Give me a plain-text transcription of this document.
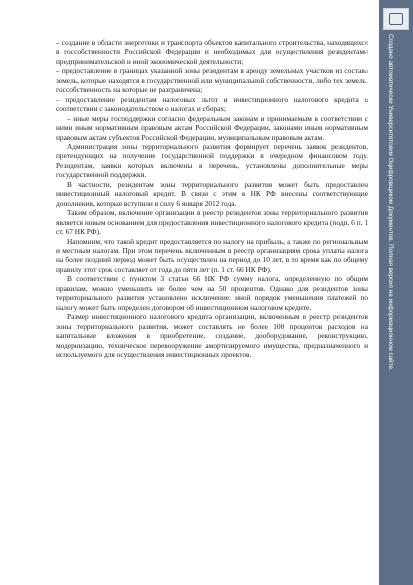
– создание в области энергетики и транспорта объектов капитального строительства, находящихся в госсобственности Российской Федерации и необходимых для осуществления резидентами предпринимательской и иной экономической деятельности;

– предоставление в границах указанной зоны резидентам в аренду земельных участков из состава земель, которые находятся в государственной или муниципальной собственности, либо тех земель, госсобственность на которые не разграничена;

– предоставление резидентам налоговых льгот и инвестиционного налогового кредита в соответствии с законодательством о налогах и сборах;

– иные меры господдержки согласно федеральным законам и принимаемым в соответствии с ними иным нормативным правовым актам Российской Федерации, законами иным нормативным правовым актам субъектов Российской Федерации, муниципальным правовым актам.

Администрация зоны территориального развития формирует перечень заявок резидентов, претендующих на получение государственной поддержки в очередном финансовом году. Резидентам, заявки которых включены в перечень, установлены дополнительные меры государственной поддержки.

В частности, резидентам зоны территориального развития может быть предоставлен инвестиционный налоговый кредит. В связи с этим в НК РФ внесены соответствующие дополнения, которые вступили в силу 6 января 2012 года.

Таким образом, включение организации в реестр резидентов зоны территориального развития является новым основанием для предоставления инвестиционного налогового кредита (подп. 6 п. 1 ст. 67 НК РФ).

Напомним, что такой кредит предоставляется по налогу на прибыль, а также по региональным и местным налогам. При этом перечень включенным в реестр организациям срока уплаты налога на более поздний период может быть осуществлен на период до 10 лет, в то время как по общему правилу этот срок составляет от года до пяти лет (п. 1 ст. 66 НК РФ).

В соответствии с пунктом 3 статьи 66 НК РФ сумму налога, определенную по общим правилам, можно уменьшить не более чем на 50 процентов. Однако для резидентов зоны территориального развития установлено исключение: иной порядок уменьшения платежей по налогу может быть определен договором об инвестиционном налоговом кредите.

Размер инвестиционного налогового кредита организации, включенным в реестр резидентов зоны территориального развития, может составлять не более 100 процентов расходов на капитальные вложения в приобретение, создание, дооборудование, реконструкцию, модернизацию, техническое перевооружение амортизируемого имущества, предназначенного и используемого для осуществления инвестиционных проектов.

	Создано автоматически Университетским Оцифровщиком Документов. Полная версия на информационном сайте.

www.pdfreadmaker.com
